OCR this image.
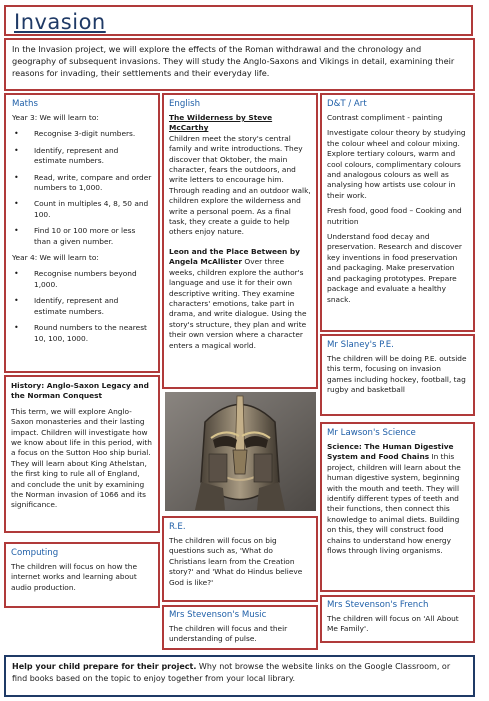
Invasion
In the Invasion project, we will explore the effects of the Roman withdrawal and the chronology and geography of subsequent invasions. They will study the Anglo-Saxons and Vikings in detail, examining their reasons for invading, their settlements and their everyday life.
Maths
Year 3: We will learn to:
• Recognise 3-digit numbers.
• Identify, represent and estimate numbers.
• Read, write, compare and order numbers to 1,000.
• Count in multiples 4, 8, 50 and 100.
• Find 10 or 100 more or less than a given number.
Year 4: We will learn to:
• Recognise numbers beyond 1,000.
• Identify, represent and estimate numbers.
• Round numbers to the nearest 10, 100, 1000.
English
The Wilderness by Steve McCarthy
Children meet the story's central family and write introductions. They discover that Oktober, the main character, fears the outdoors, and write letters to encourage him. Through reading and an outdoor walk, children explore the wilderness and write a personal poem. As a final task, they create a guide to help others enjoy nature.
Leon and the Place Between by Angela McAllister Over three weeks, children explore the author's language and use it for their own descriptive writing. They examine characters' emotions, take part in drama, and write dialogue. Using the story's structure, they plan and write their own version where a character enters a magical world.
D&T / Art

Contrast compliment - painting

Investigate colour theory by studying the colour wheel and colour mixing. Explore tertiary colours, warm and cool colours, complimentary colours and analogous colours as well as analysing how artists use colour in their work.

Fresh food, good food – Cooking and nutrition

Understand food decay and preservation. Research and discover key inventions in food preservation and packaging. Make preservation and packaging prototypes. Prepare package and evaluate a healthy snack.

Mr Slaney's P.E.
The children will be doing P.E. outside this term, focusing on invasion games including hockey, football, tag rugby and basketball
History: Anglo-Saxon Legacy and the Norman Conquest
This term, we will explore Anglo-Saxon monasteries and their lasting impact. Children will investigate how we know about life in this period, with a focus on the Sutton Hoo ship burial. They will learn about King Athelstan, the first king to rule all of England, and conclude the unit by examining the Norman invasion of 1066 and its significance.
R.E.
The children will focus on big questions such as, 'What do Christians learn from the Creation story?' and 'What do Hindus believe God is like?'
Computing
The children will focus on how the internet works and learning about audio production.
Mrs Stevenson's Music
The children will focus and their understanding of pulse.
Mr Lawson's Science
Science: The Human Digestive System and Food Chains In this project, children will learn about the human digestive system, beginning with the mouth and teeth. They will identify different types of teeth and their functions, then connect this knowledge to animal diets. Building on this, they will construct food chains to understand how energy flows through living organisms.
Mrs Stevenson's French
The children will focus on 'All About Me Family'.
Help your child prepare for their project. Why not browse the website links on the Google Classroom, or find books based on the topic to enjoy together from your local library.
